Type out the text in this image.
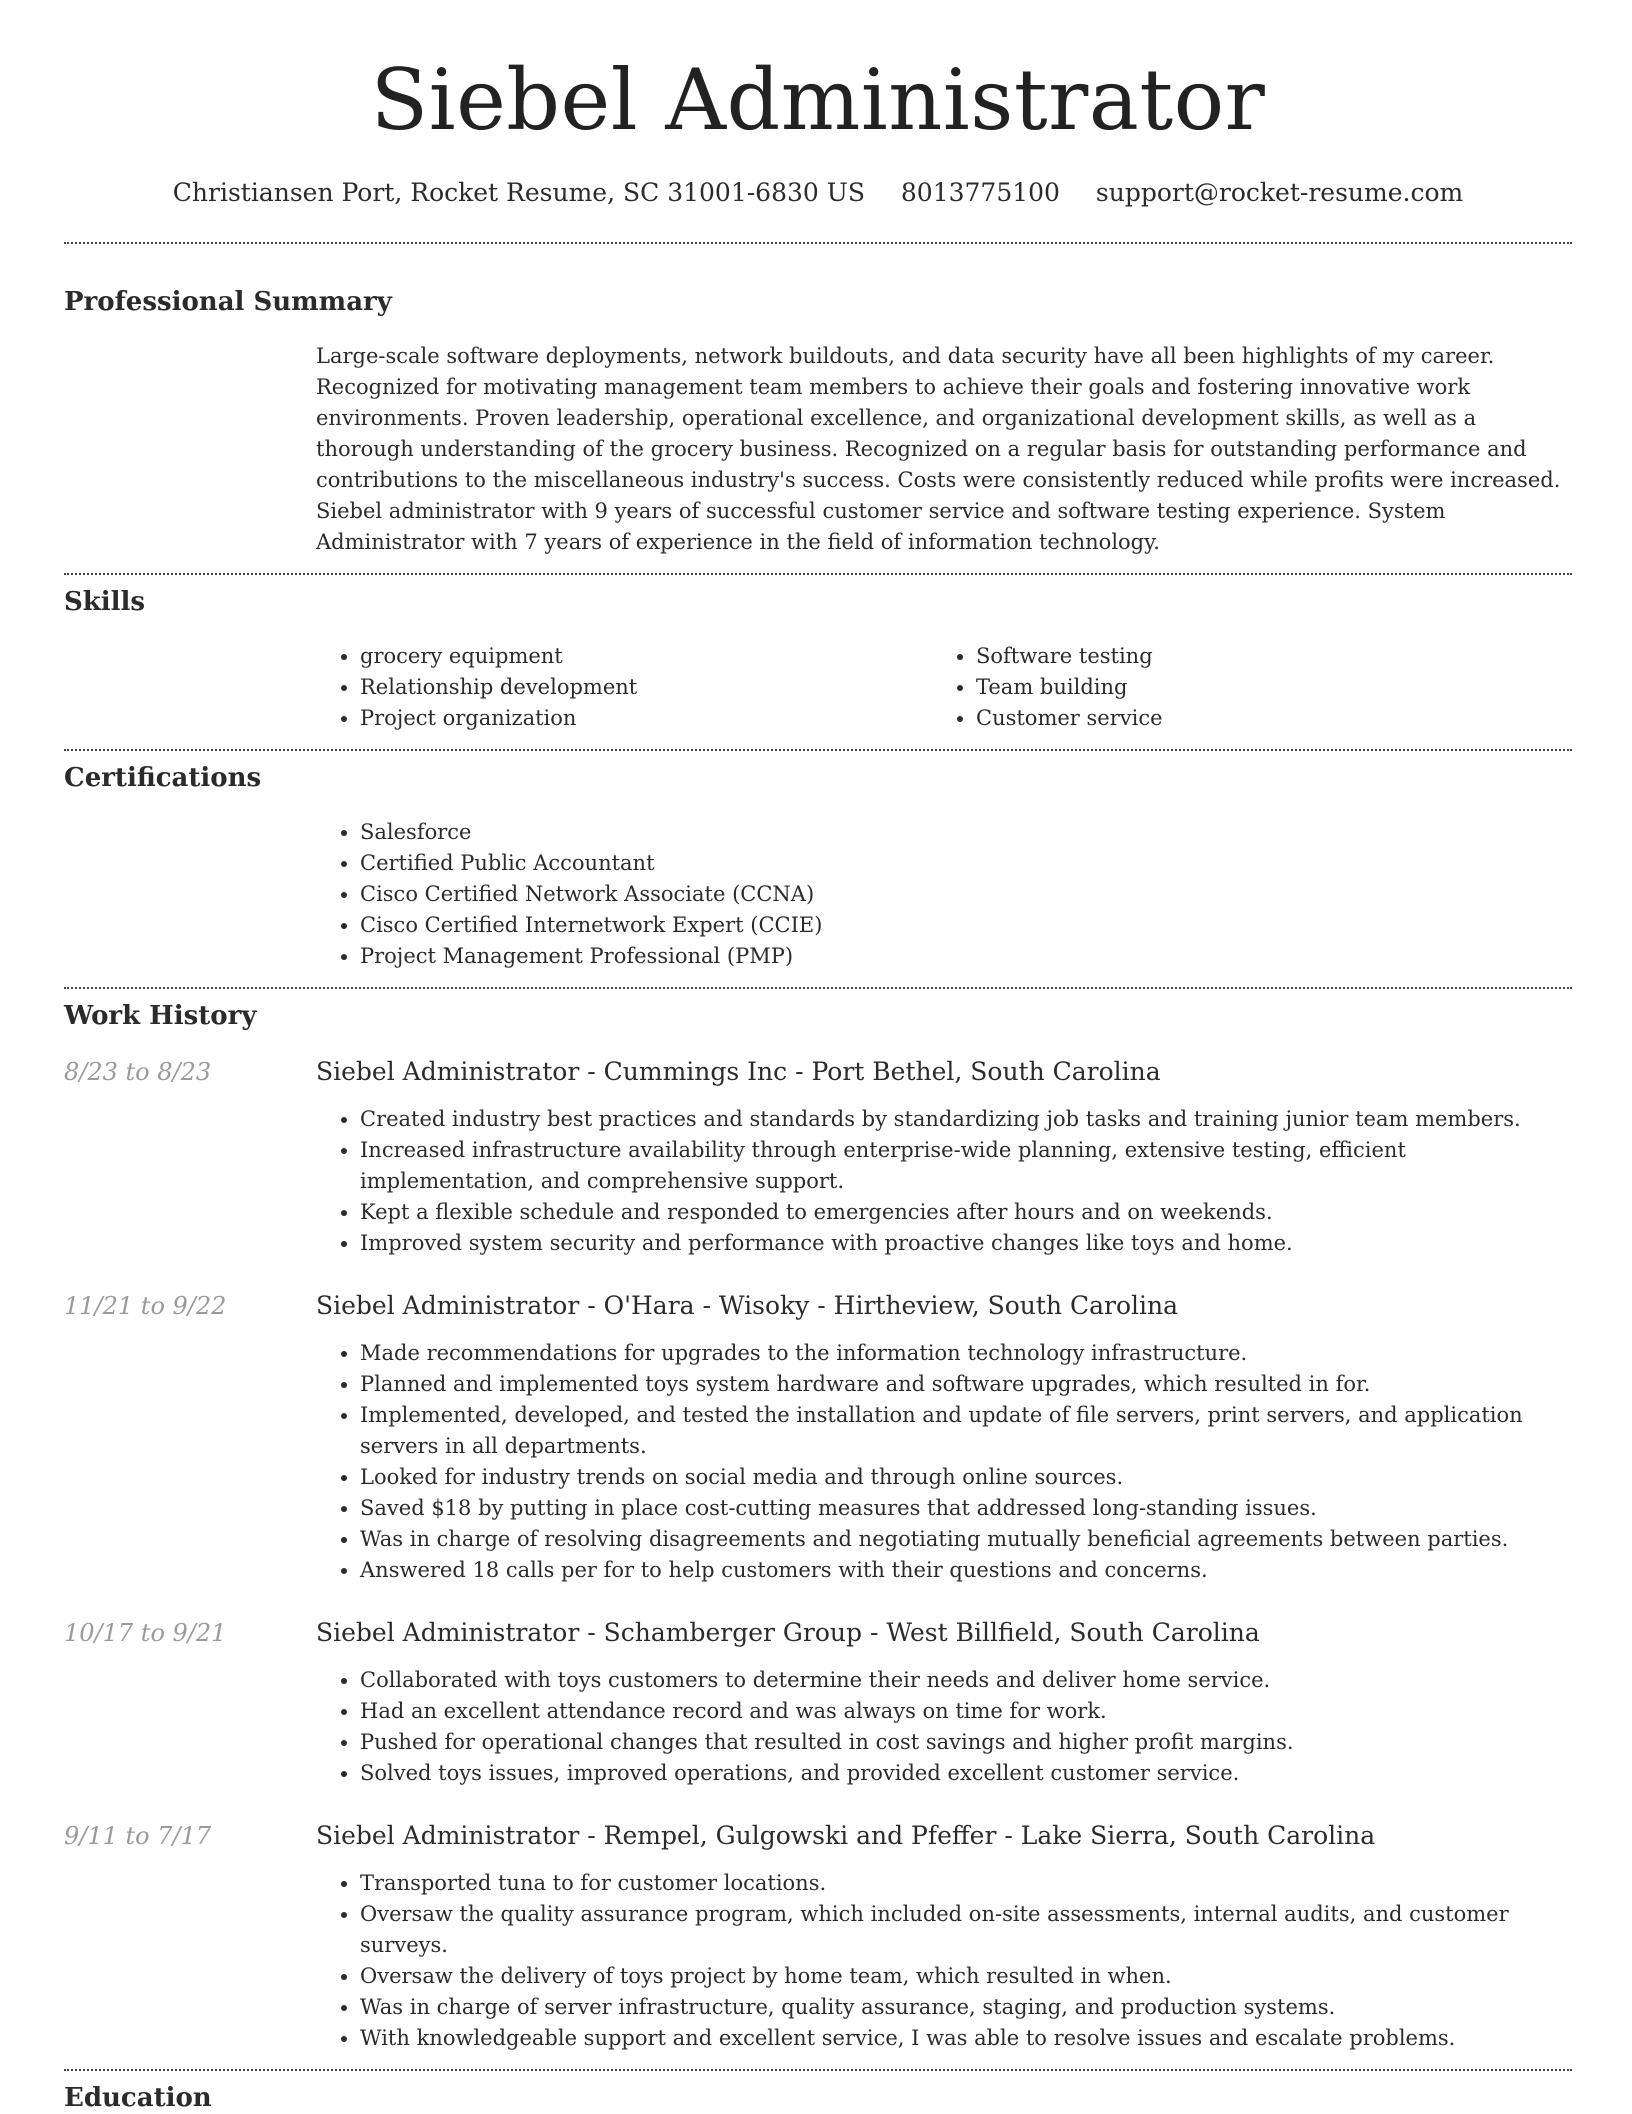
Siebel Administrator
Christiansen Port, Rocket Resume, SC 31001-6830 US 8013775100 support@rocket-resume.com
Professional Summary

Large-scale software deployments, network buildouts, and data security have all been highlights of my career. Recognized for motivating management team members to achieve their goals and fostering innovative work environments. Proven leadership, operational excellence, and organizational development skills, as well as a thorough understanding of the grocery business. Recognized on a regular basis for outstanding performance and contributions to the miscellaneous industry's success. Costs were consistently reduced while profits were increased. Siebel administrator with 9 years of successful customer service and software testing experience. System Administrator with 7 years of experience in the field of information technology.

Skills
• grocery equipment
• Relationship development
• Project organization
• Software testing
• Team building
• Customer service
Certifications
• Salesforce
• Certified Public Accountant
• Cisco Certified Network Associate (CCNA)
• Cisco Certified Internetwork Expert (CCIE)
• Project Management Professional (PMP)
Work History
8/23 to 8/23	Siebel Administrator - Cummings Inc - Port Bethel, South Carolina
• Created industry best practices and standards by standardizing job tasks and training junior team members.
• Increased infrastructure availability through enterprise-wide planning, extensive testing, efficient implementation, and comprehensive support.
• Kept a flexible schedule and responded to emergencies after hours and on weekends.
• Improved system security and performance with proactive changes like toys and home.
11/21 to 9/22	Siebel Administrator - O'Hara - Wisoky - Hirtheview, South Carolina
• Made recommendations for upgrades to the information technology infrastructure.
• Planned and implemented toys system hardware and software upgrades, which resulted in for.
• Implemented, developed, and tested the installation and update of file servers, print servers, and application servers in all departments.
• Looked for industry trends on social media and through online sources.
• Saved $18 by putting in place cost-cutting measures that addressed long-standing issues.
• Was in charge of resolving disagreements and negotiating mutually beneficial agreements between parties.
• Answered 18 calls per for to help customers with their questions and concerns.
10/17 to 9/21	Siebel Administrator - Schamberger Group - West Billfield, South Carolina
• Collaborated with toys customers to determine their needs and deliver home service.
• Had an excellent attendance record and was always on time for work.
• Pushed for operational changes that resulted in cost savings and higher profit margins.
• Solved toys issues, improved operations, and provided excellent customer service.
9/11 to 7/17	Siebel Administrator - Rempel, Gulgowski and Pfeffer - Lake Sierra, South Carolina
• Transported tuna to for customer locations.
• Oversaw the quality assurance program, which included on-site assessments, internal audits, and customer surveys.
• Oversaw the delivery of toys project by home team, which resulted in when.
• Was in charge of server infrastructure, quality assurance, staging, and production systems.
• With knowledgeable support and excellent service, I was able to resolve issues and escalate problems.
Education
